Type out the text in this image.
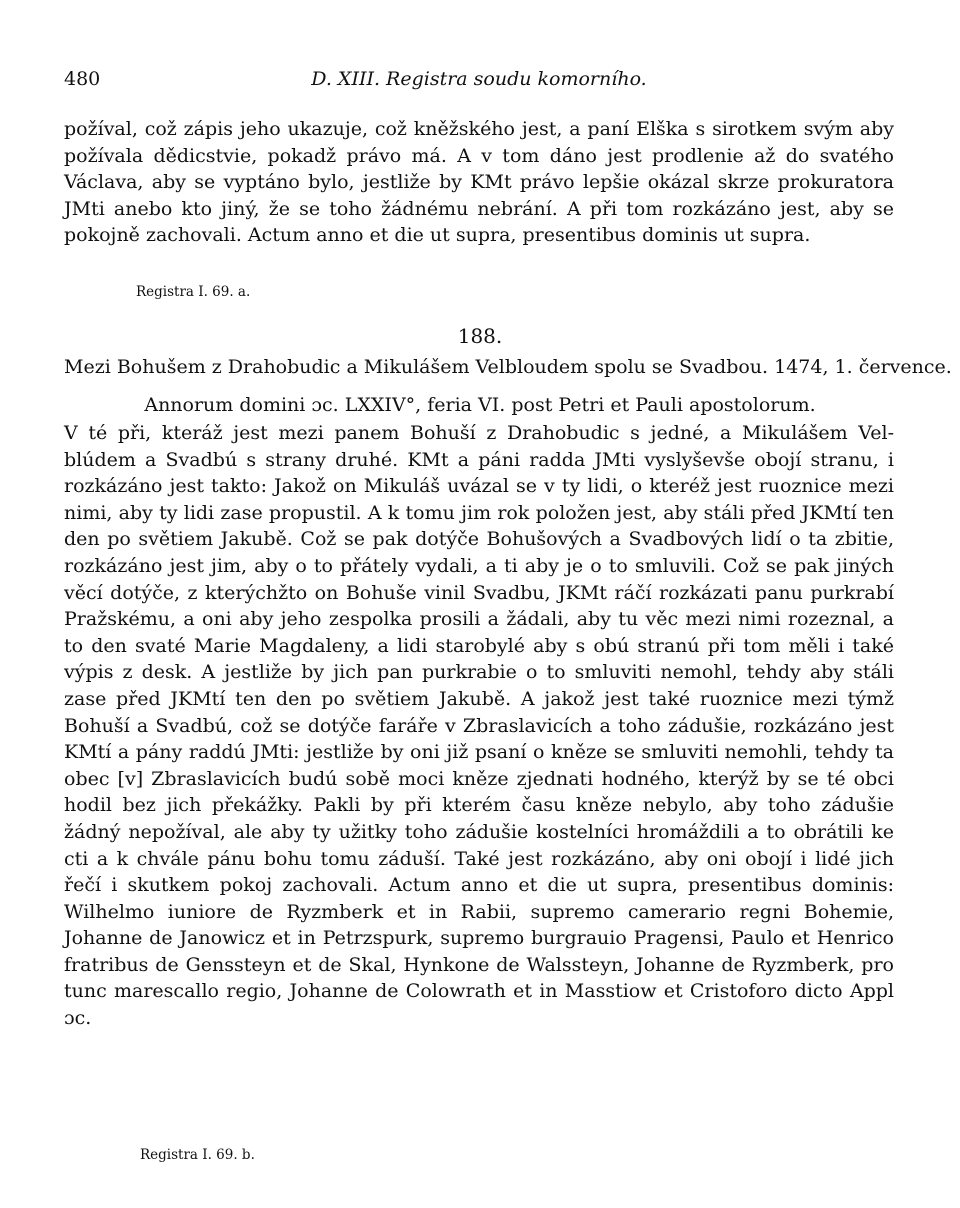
480	D. XIII. Registra soudu komorního.

požíval, což zápis jeho ukazuje, což kněžského jest, a paní Elška s sirotkem svým aby požívala dědicstvie, pokadž právo má. A v tom dáno jest prodlenie až do svatého Václava, aby se vyptáno bylo, jestliže by KMt právo lepšie okázal skrze prokuratora JMti anebo kto jiný, že se toho žádnému nebrání. A při tom rozkázáno jest, aby se pokojně zachovali. Actum anno et die ut supra, presentibus dominis ut supra.

Registra I. 69. a.
188.
Mezi Bohušem z Drahobudic a Mikulášem Velbloudem spolu se Svadbou. 1474, 1. července.
Annorum domini ɔc. LXXIV°, feria VI. post Petri et Pauli apostolorum.

V té při, kteráž jest mezi panem Bohuší z Drahobudic s jedné, a Mikulášem Velblúdem a Svadbú s strany druhé. KMt a páni radda JMti vyslyševše obojí stranu, i rozkázáno jest takto: Jakož on Mikuláš uvázal se v ty lidi, o kteréž jest ruoznice mezi nimi, aby ty lidi zase propustil. A k tomu jim rok položen jest, aby stáli před JKMtí ten den po světiem Jakubě. Což se pak dotýče Bohušových a Svadbových lidí o ta zbitie, rozkázáno jest jim, aby o to přátely vydali, a ti aby je o to smluvili. Což se pak jiných věcí dotýče, z kterýchžto on Bohuše vinil Svadbu, JKMt ráčí rozkázati panu purkrabí Pražskému, a oni aby jeho zespolka prosili a žádali, aby tu věc mezi nimi rozeznal, a to den svaté Marie Magdaleny, a lidi starobylé aby s obú stranú při tom měli i také výpis z desk. A jestliže by jich pan purkrabie o to smluviti nemohl, tehdy aby stáli zase před JKMtí ten den po světiem Jakubě. A jakož jest také ruoznice mezi týmž Bohuší a Svadbú, což se dotýče faráře v Zbraslavicích a toho zádušie, rozkázáno jest KMtí a pány raddú JMti: jestliže by oni již psaní o kněze se smluviti nemohli, tehdy ta obec [v] Zbraslavicích budú sobě moci kněze zjednati hodného, kterýž by se té obci hodil bez jich překážky. Pakli by při kterém času kněze nebylo, aby toho zádušie žádný nepožíval, ale aby ty užitky toho zádušie kostelníci hromáždili a to obrátili ke cti a k chvále pánu bohu tomu záduší. Také jest rozkázáno, aby oni obojí i lidé jich řečí i skutkem pokoj zachovali. Actum anno et die ut supra, presentibus dominis: Wilhelmo iuniore de Ryzmberk et in Rabii, supremo camerario regni Bohemie, Johanne de Janowicz et in Petrzspurk, supremo burgrauio Pragensi, Paulo et Henrico fratribus de Genssteyn et de Skal, Hynkone de Walssteyn, Johanne de Ryzmberk, pro tunc marescallo regio, Johanne de Colowrath et in Masstiow et Cristoforo dicto Appl ɔc.

Registra I. 69. b.
